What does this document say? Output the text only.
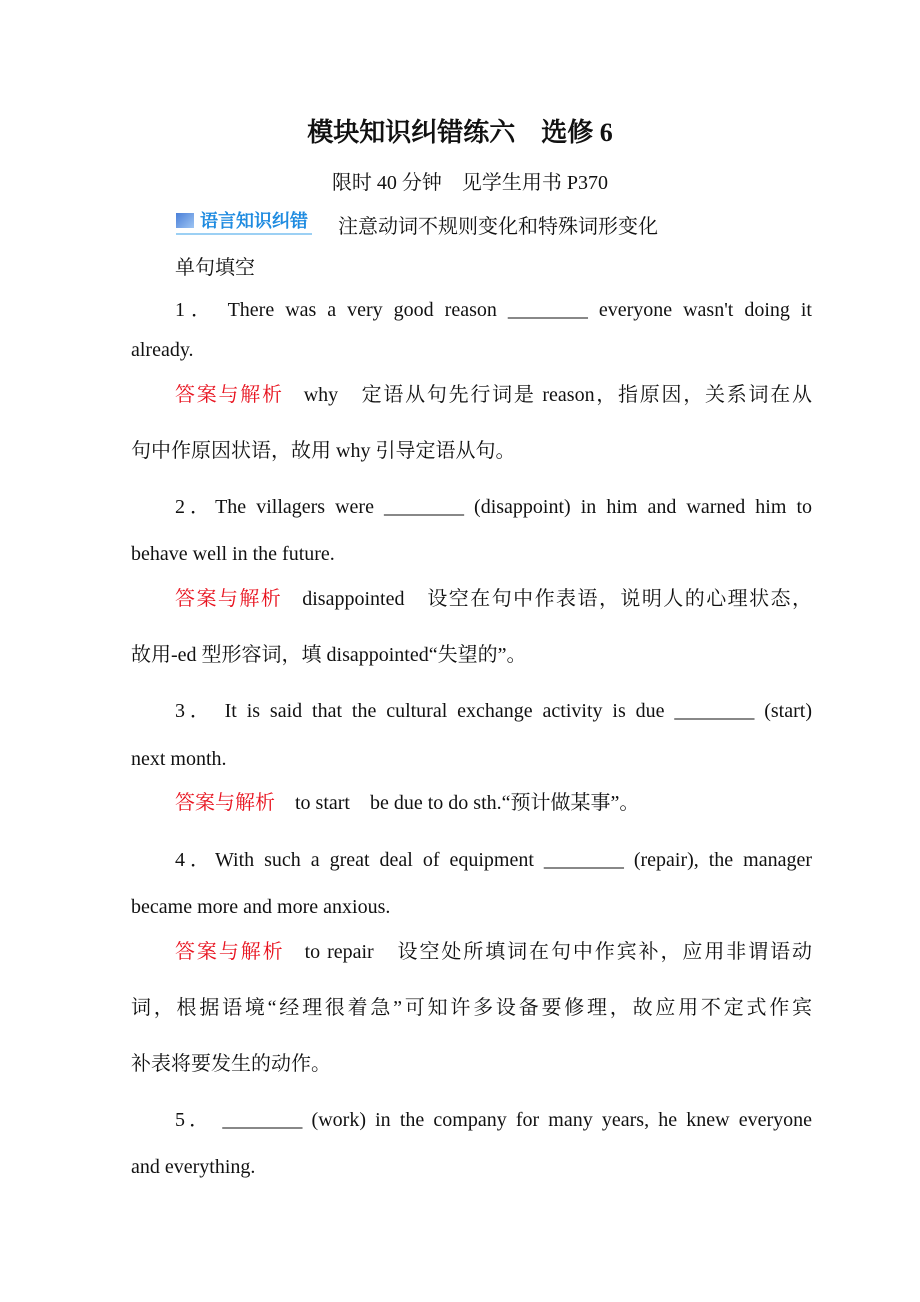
模块知识纠错练六　选修 6
限时 40 分钟　见学生用书 P370
语言知识纠错 注意动词不规则变化和特殊词形变化
单句填空
1． There was a very good reason ________ everyone wasn't doing it
already.
答案与解析 why　定语从句先行词是 reason，指原因，关系词在从
句中作原因状语，故用 why 引导定语从句。
2．The villagers were ________ (disappoint) in him and warned him to
behave well in the future.
答案与解析 disappointed　设空在句中作表语，说明人的心理状态，
故用-ed 型形容词，填 disappointed“失望的”。
3． It is said that the cultural exchange activity is due ________ (start)
next month.
答案与解析 to start　be due to do sth.“预计做某事”。
4．With such a great deal of equipment ________ (repair), the manager
became more and more anxious.
答案与解析 to repair　设空处所填词在句中作宾补，应用非谓语动
词，根据语境“经理很着急”可知许多设备要修理，故应用不定式作宾
补表将要发生的动作。
5． ________ (work) in the company for many years, he knew everyone
and everything.
